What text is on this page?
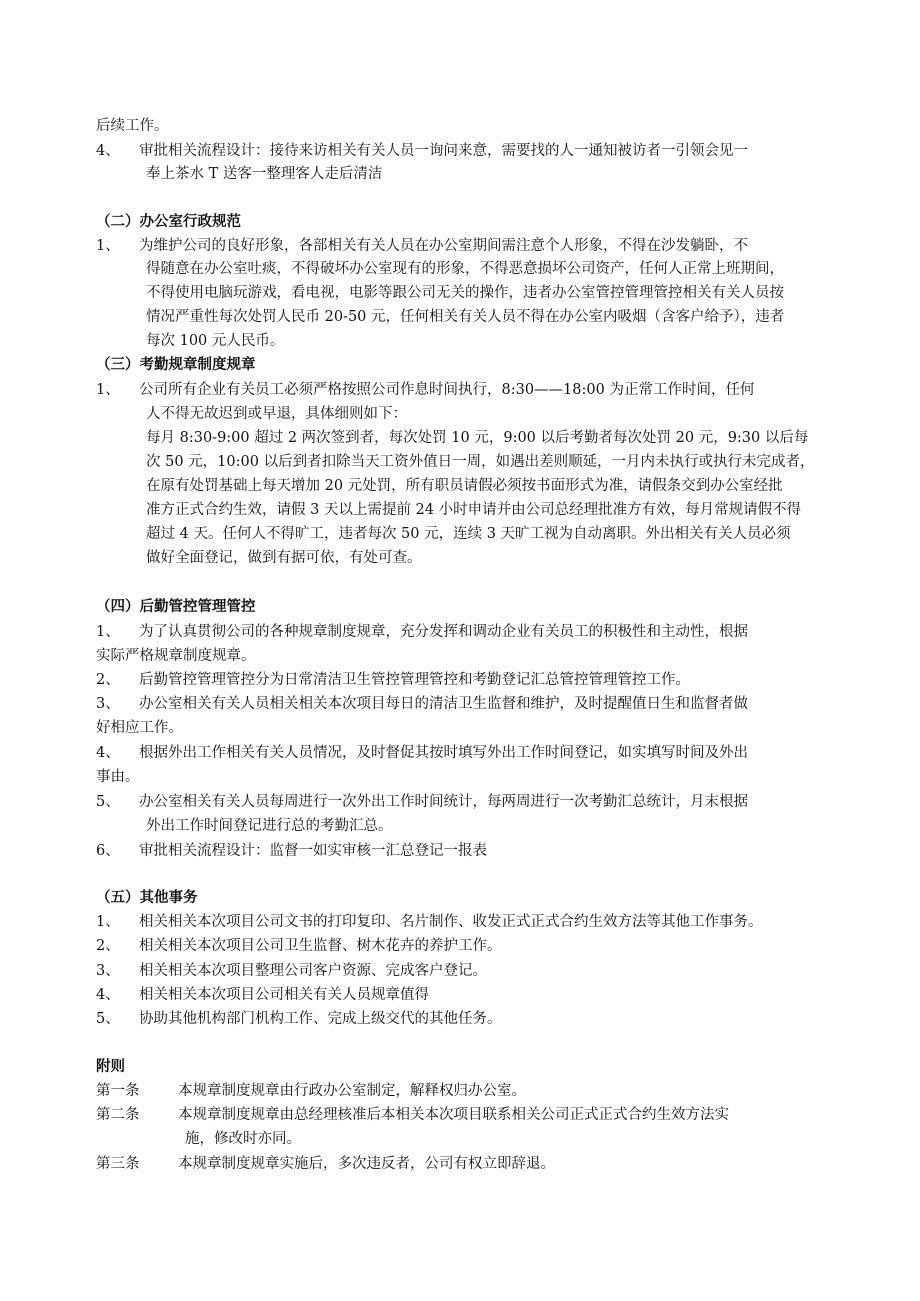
后续工作。
4、 审批相关流程设计：接待来访相关有关人员一询问来意，需要找的人一通知被访者一引领会见一
奉上茶水 T 送客一整理客人走后清洁
（二）办公室行政规范
1、 为维护公司的良好形象，各部相关有关人员在办公室期间需注意个人形象，不得在沙发躺卧，不
得随意在办公室吐痰，不得破坏办公室现有的形象，不得恶意损坏公司资产，任何人正常上班期间，
不得使用电脑玩游戏，看电视，电影等跟公司无关的操作，违者办公室管控管理管控相关有关人员按
情况严重性每次处罚人民币 20-50 元，任何相关有关人员不得在办公室内吸烟（含客户给予），违者
每次 100 元人民币。
（三）考勤规章制度规章
1、 公司所有企业有关员工必须严格按照公司作息时间执行，8:30——18:00 为正常工作时间，任何
人不得无故迟到或早退，具体细则如下：
每月 8:30-9:00 超过 2 两次签到者，每次处罚 10 元，9:00 以后考勤者每次处罚 20 元，9:30 以后每
次 50 元，10:00 以后到者扣除当天工资外值日一周，如遇出差则顺延，一月内未执行或执行未完成者，
在原有处罚基础上每天增加 20 元处罚，所有职员请假必须按书面形式为准，请假条交到办公室经批
准方正式合约生效，请假 3 天以上需提前 24 小时申请并由公司总经理批准方有效，每月常规请假不得
超过 4 天。任何人不得旷工，违者每次 50 元，连续 3 天旷工视为自动离职。外出相关有关人员必须
做好全面登记，做到有据可依，有处可查。
（四）后勤管控管理管控
1、 为了认真贯彻公司的各种规章制度规章，充分发挥和调动企业有关员工的积极性和主动性，根据
实际严格规章制度规章。
2、 后勤管控管理管控分为日常清洁卫生管控管理管控和考勤登记汇总管控管理管控工作。
3、 办公室相关有关人员相关相关本次项目每日的清洁卫生监督和维护，及时提醒值日生和监督者做
好相应工作。
4、 根据外出工作相关有关人员情况，及时督促其按时填写外出工作时间登记，如实填写时间及外出
事由。
5、 办公室相关有关人员每周进行一次外出工作时间统计，每两周进行一次考勤汇总统计，月末根据
外出工作时间登记进行总的考勤汇总。
6、 审批相关流程设计：监督一如实审核一汇总登记一报表
（五）其他事务
1、 相关相关本次项目公司文书的打印复印、名片制作、收发正式正式合约生效方法等其他工作事务。
2、 相关相关本次项目公司卫生监督、树木花卉的养护工作。
3、 相关相关本次项目整理公司客户资源、完成客户登记。
4、 相关相关本次项目公司相关有关人员规章值得
5、 协助其他机构部门机构工作、完成上级交代的其他任务。
附则
第一条	本规章制度规章由行政办公室制定，解释权归办公室。
第二条	本规章制度规章由总经理核准后本相关本次项目联系相关公司正式正式合约生效方法实
施，修改时亦同。
第三条	本规章制度规章实施后，多次违反者，公司有权立即辞退。
